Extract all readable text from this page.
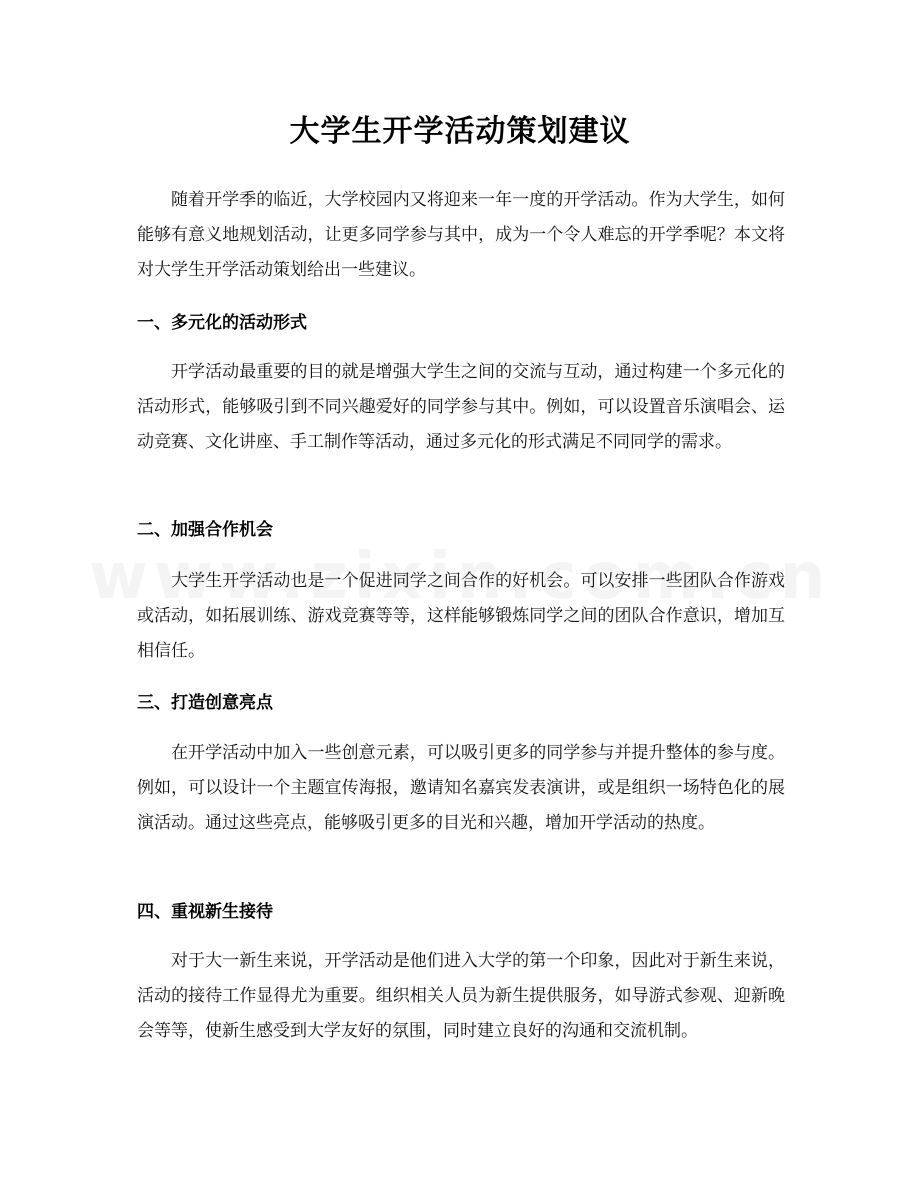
大学生开学活动策划建议

随着开学季的临近，大学校园内又将迎来一年一度的开学活动。作为大学生，如何能够有意义地规划活动，让更多同学参与其中，成为一个令人难忘的开学季呢？本文将对大学生开学活动策划给出一些建议。

一、多元化的活动形式

开学活动最重要的目的就是增强大学生之间的交流与互动，通过构建一个多元化的活动形式，能够吸引到不同兴趣爱好的同学参与其中。例如，可以设置音乐演唱会、运动竞赛、文化讲座、手工制作等活动，通过多元化的形式满足不同同学的需求。

二、加强合作机会

大学生开学活动也是一个促进同学之间合作的好机会。可以安排一些团队合作游戏或活动，如拓展训练、游戏竞赛等等，这样能够锻炼同学之间的团队合作意识，增加互相信任。

三、打造创意亮点

在开学活动中加入一些创意元素，可以吸引更多的同学参与并提升整体的参与度。例如，可以设计一个主题宣传海报，邀请知名嘉宾发表演讲，或是组织一场特色化的展演活动。通过这些亮点，能够吸引更多的目光和兴趣，增加开学活动的热度。

四、重视新生接待

对于大一新生来说，开学活动是他们进入大学的第一个印象，因此对于新生来说，活动的接待工作显得尤为重要。组织相关人员为新生提供服务，如导游式参观、迎新晚会等等，使新生感受到大学友好的氛围，同时建立良好的沟通和交流机制。
